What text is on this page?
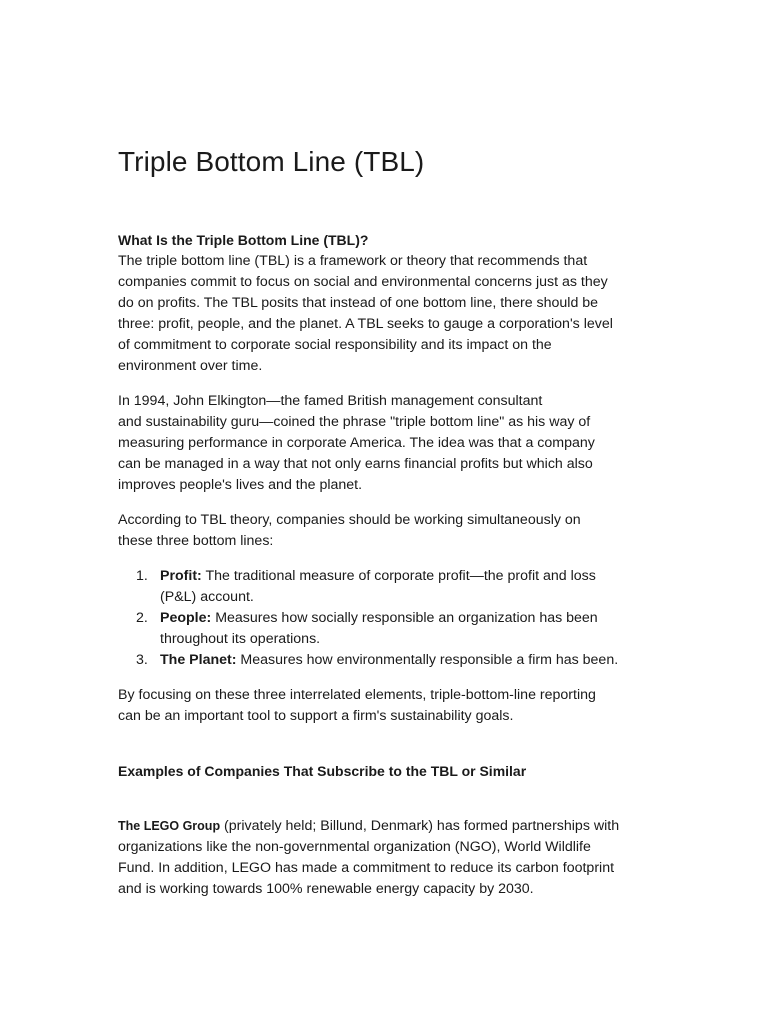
Triple Bottom Line (TBL)
What Is the Triple Bottom Line (TBL)?

The triple bottom line (TBL) is a framework or theory that recommends that
companies commit to focus on social and environmental concerns just as they
do on profits. The TBL posits that instead of one bottom line, there should be
three: profit, people, and the planet. A TBL seeks to gauge a corporation's level
of commitment to corporate social responsibility and its impact on the
environment over time.

In 1994, John Elkington—the famed British management consultant
and sustainability guru—coined the phrase "triple bottom line" as his way of
measuring performance in corporate America. The idea was that a company
can be managed in a way that not only earns financial profits but which also
improves people's lives and the planet.

According to TBL theory, companies should be working simultaneously on
these three bottom lines:

1. Profit: The traditional measure of corporate profit—the profit and loss
(P&L) account.
2. People: Measures how socially responsible an organization has been
throughout its operations.
3. The Planet: Measures how environmentally responsible a firm has been.

By focusing on these three interrelated elements, triple-bottom-line reporting
can be an important tool to support a firm's sustainability goals.

Examples of Companies That Subscribe to the TBL or Similar

The LEGO Group (privately held; Billund, Denmark) has formed partnerships with
organizations like the non-governmental organization (NGO), World Wildlife
Fund. In addition, LEGO has made a commitment to reduce its carbon footprint
and is working towards 100% renewable energy capacity by 2030.
